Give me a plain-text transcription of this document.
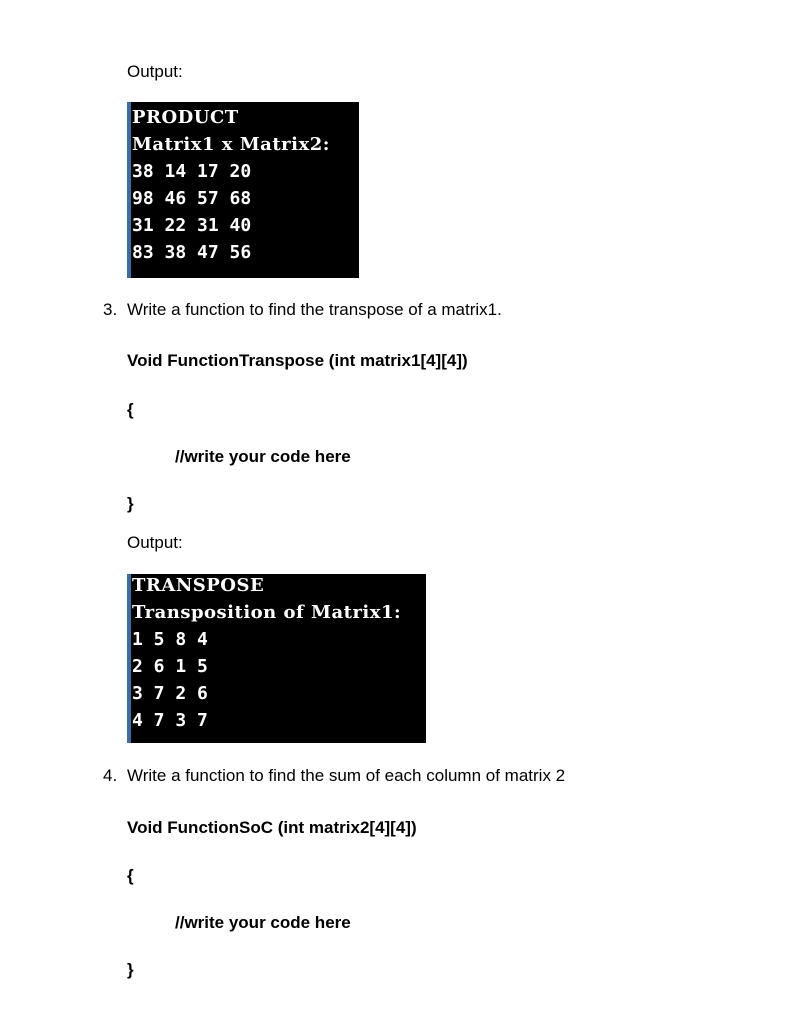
Output:
PRODUCT
Matrix1 x Matrix2:
38 14 17 20
98 46 57 68
31 22 31 40
83 38 47 56
3. Write a function to find the transpose of a matrix1.
Void FunctionTranspose (int matrix1[4][4])
{
//write your code here
}
Output:
TRANSPOSE
Transposition of Matrix1:
1 5 8 4
2 6 1 5
3 7 2 6
4 7 3 7
4. Write a function to find the sum of each column of matrix 2
Void FunctionSoC (int matrix2[4][4])
{
//write your code here
}
